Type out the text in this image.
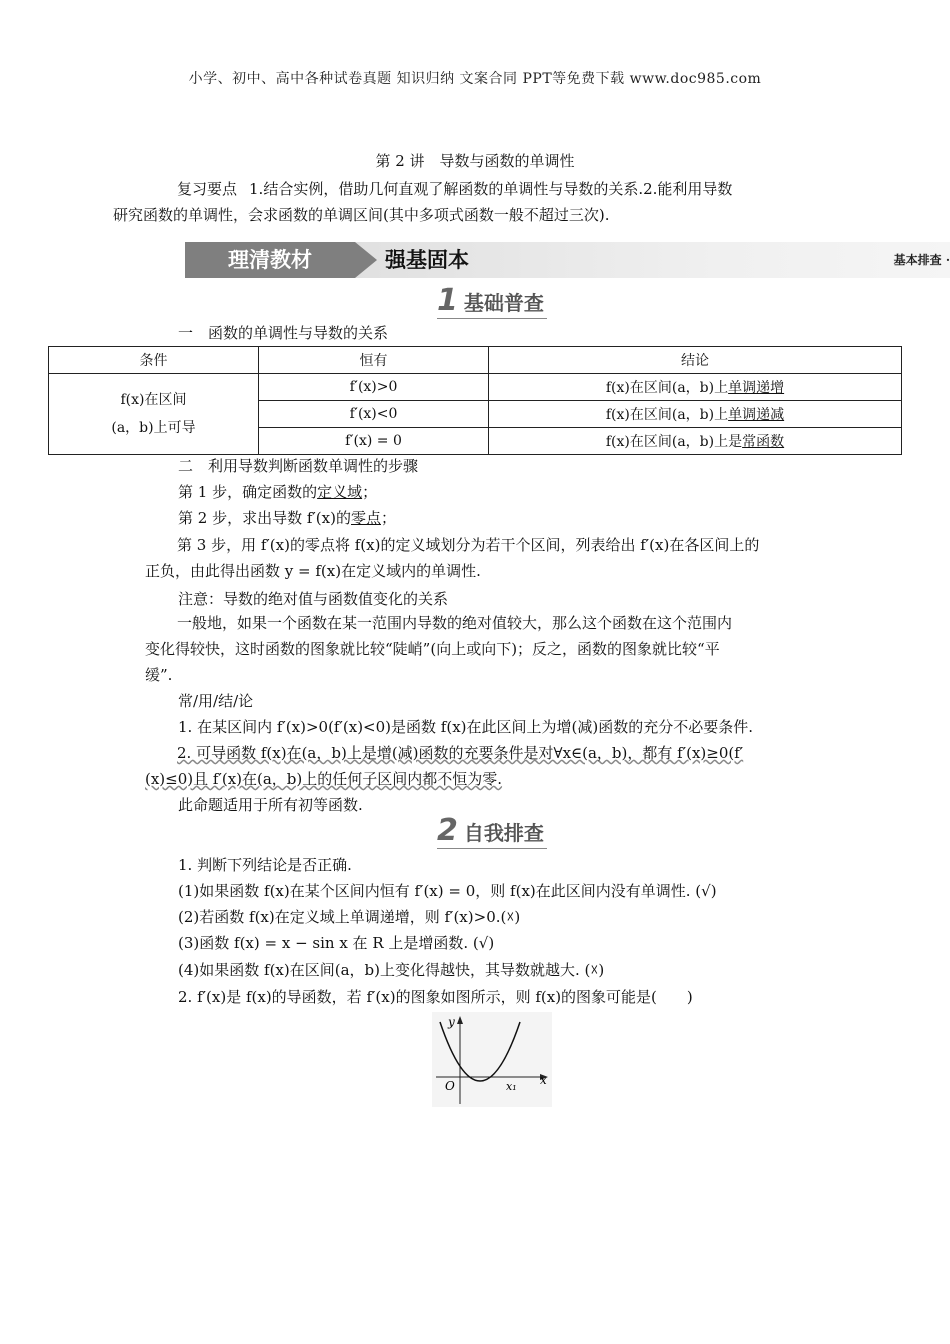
小学、初中、高中各种试卷真题 知识归纳 文案合同 PPT等免费下载 www.doc985.com
第 2 讲　导数与函数的单调性
复习要点 1.结合实例，借助几何直观了解函数的单调性与导数的关系.2.能利用导数
研究函数的单调性，会求函数的单调区间(其中多项式函数一般不超过三次).
理清教材	强基固本	基本排查 ·
1 基础普查
一　函数的单调性与导数的关系
条件	恒有	结论
f(x)在区间
(a，b)上可导	f′(x)>0	f(x)在区间(a，b)上单调递增
	f′(x)<0	f(x)在区间(a，b)上单调递减
	f′(x) = 0	f(x)在区间(a，b)上是常函数
二　利用导数判断函数单调性的步骤
第 1 步，确定函数的定义域；
第 2 步，求出导数 f′(x)的零点；
第 3 步，用 f′(x)的零点将 f(x)的定义域划分为若干个区间，列表给出 f′(x)在各区间上的
正负，由此得出函数 y = f(x)在定义域内的单调性.
注意：导数的绝对值与函数值变化的关系
一般地，如果一个函数在某一范围内导数的绝对值较大，那么这个函数在这个范围内
变化得较快，这时函数的图象就比较“陡峭”(向上或向下)；反之，函数的图象就比较“平
缓”.
常/用/结/论
1. 在某区间内 f′(x)>0(f′(x)<0)是函数 f(x)在此区间上为增(减)函数的充分不必要条件.
2. 可导函数 f(x)在(a，b)上是增(减)函数的充要条件是对∀x∈(a，b)，都有 f′(x)≥0(f′
(x)≤0)且 f′(x)在(a，b)上的任何子区间内都不恒为零.
此命题适用于所有初等函数.
2 自我排查
1. 判断下列结论是否正确.
(1)如果函数 f(x)在某个区间内恒有 f′(x) = 0，则 f(x)在此区间内没有单调性. (√)
(2)若函数 f(x)在定义域上单调递增，则 f′(x)>0.(☓)
(3)函数 f(x) = x − sin x 在 R 上是增函数. (√)
(4)如果函数 f(x)在区间(a，b)上变化得越快，其导数就越大. (☓)
2. f′(x)是 f(x)的导函数，若 f′(x)的图象如图所示，则 f(x)的图象可能是(　　)
y
x
O	x₁
